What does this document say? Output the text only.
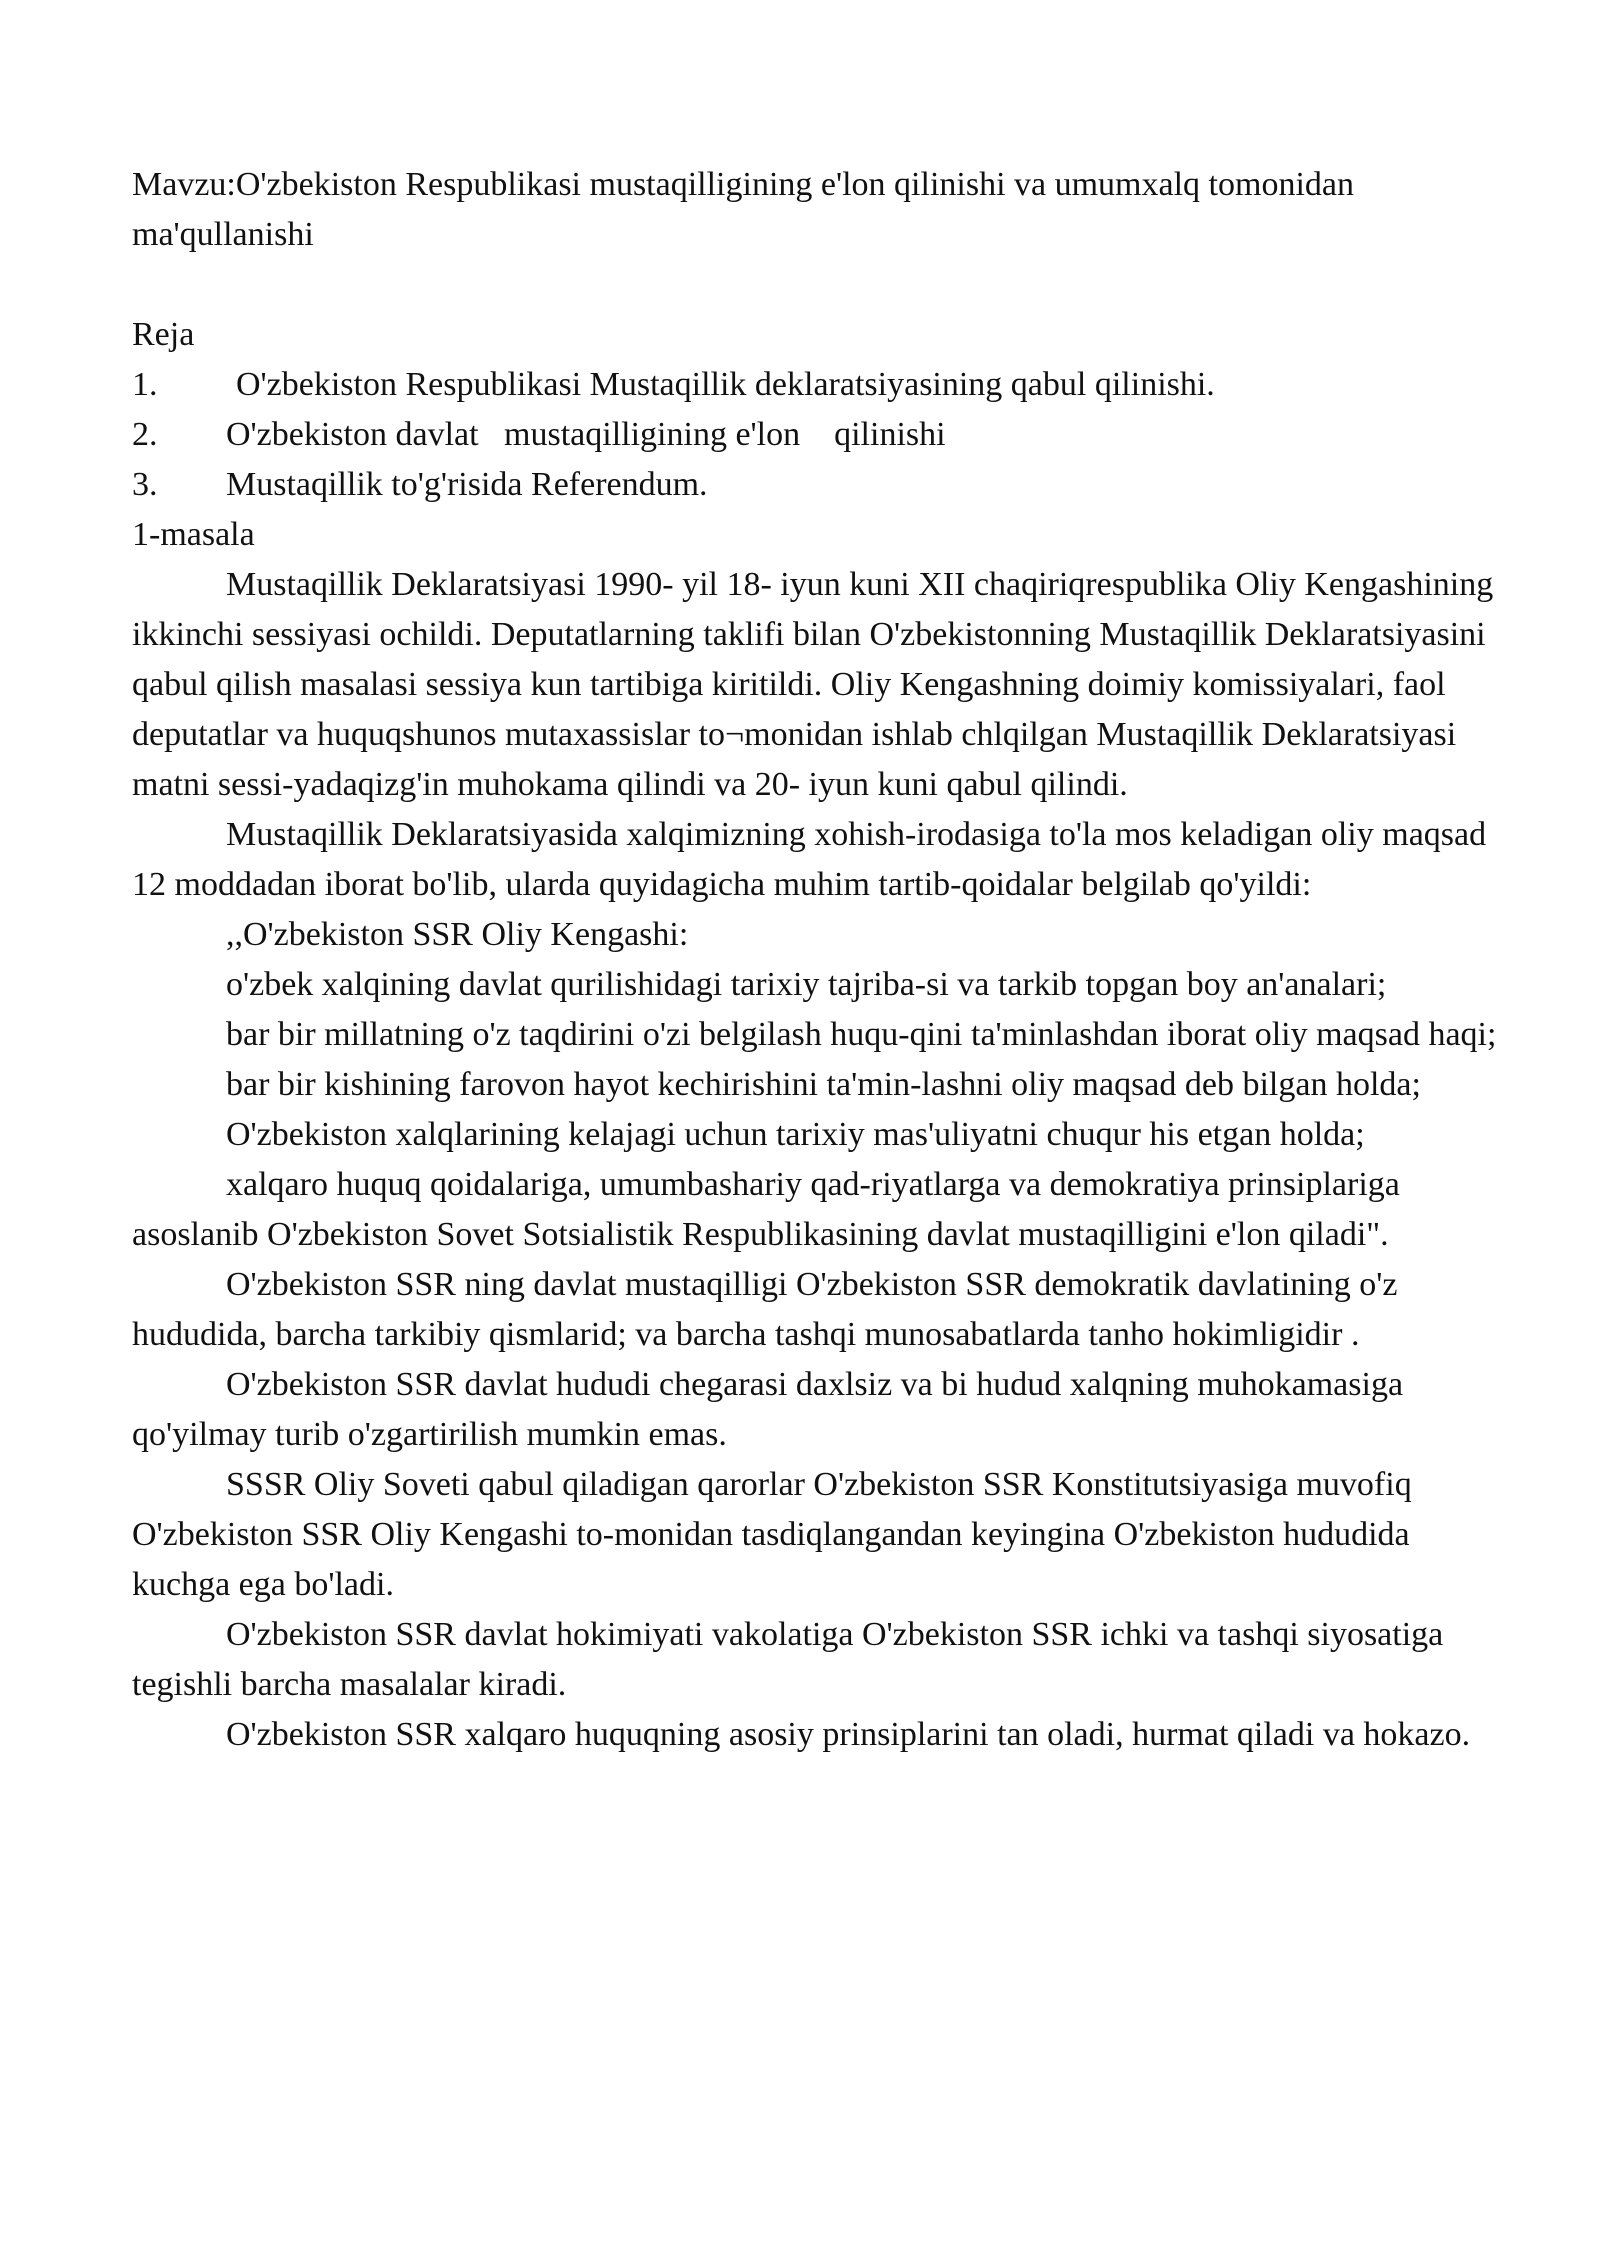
Mavzu:O'zbekiston Respublikasi mustaqilligining e'lon qilinishi va umumxalq tomonidan ma'qullanishi

Reja

1.	O'zbekiston Respublikasi Mustaqillik deklaratsiyasining qabul qilinishi.
2.	O'zbekiston davlat   mustaqilligining e'lon    qilinishi
3.	Mustaqillik to'g'risida Referendum.

1-masala

Mustaqillik Deklaratsiyasi 1990- yil 18- iyun kuni XII chaqiriqrespublika Oliy Kengashining ikkinchi sessiyasi ochildi. Deputatlarning taklifi bilan O'zbekistonning Mustaqillik Deklaratsiyasini qabul qilish masalasi sessiya kun tartibiga kiritildi. Oliy Kengashning doimiy komissiyalari, faol deputatlar va huquqshunos mutaxassislar to¬monidan ishlab chlqilgan Mustaqillik Deklaratsiyasi matni sessi-yadaqizg'in muhokama qilindi va 20- iyun kuni qabul qilindi.

Mustaqillik Deklaratsiyasida xalqimizning xohish-irodasiga to'la mos keladigan oliy maqsad 12 moddadan iborat bo'lib, ularda quyidagicha muhim tartib-qoidalar belgilab qo'yildi:

,,O'zbekiston SSR Oliy Kengashi:

o'zbek xalqining davlat qurilishidagi tarixiy tajriba-si va tarkib topgan boy an'analari;

bar bir millatning o'z taqdirini o'zi belgilash huqu-qini ta'minlashdan iborat oliy maqsad haqi;

bar bir kishining farovon hayot kechirishini ta'min-lashni oliy maqsad deb bilgan holda;

O'zbekiston xalqlarining kelajagi uchun tarixiy mas'uliyatni chuqur his etgan holda;

xalqaro huquq qoidalariga, umumbashariy qad-riyatlarga va demokratiya prinsiplariga asoslanib O'zbekiston Sovet Sotsialistik Respublikasining davlat mustaqilligini e'lon qiladi".

O'zbekiston SSR ning davlat mustaqilligi O'zbekiston SSR demokratik davlatining o'z hududida, barcha tarkibiy qismlarid; va barcha tashqi munosabatlarda tanho hokimligidir .

O'zbekiston SSR davlat hududi chegarasi daxlsiz va bi hudud xalqning muhokamasiga qo'yilmay turib o'zgartirilish mumkin emas.

SSSR Oliy Soveti qabul qiladigan qarorlar O'zbekiston SSR Konstitutsiyasiga muvofiq O'zbekiston SSR Oliy Kengashi to-monidan tasdiqlangandan keyingina O'zbekiston hududida kuchga ega bo'ladi.

O'zbekiston SSR davlat hokimiyati vakolatiga O'zbekiston SSR ichki va tashqi siyosatiga tegishli barcha masalalar kiradi.

O'zbekiston SSR xalqaro huquqning asosiy prinsiplarini tan oladi, hurmat qiladi va hokazo.
